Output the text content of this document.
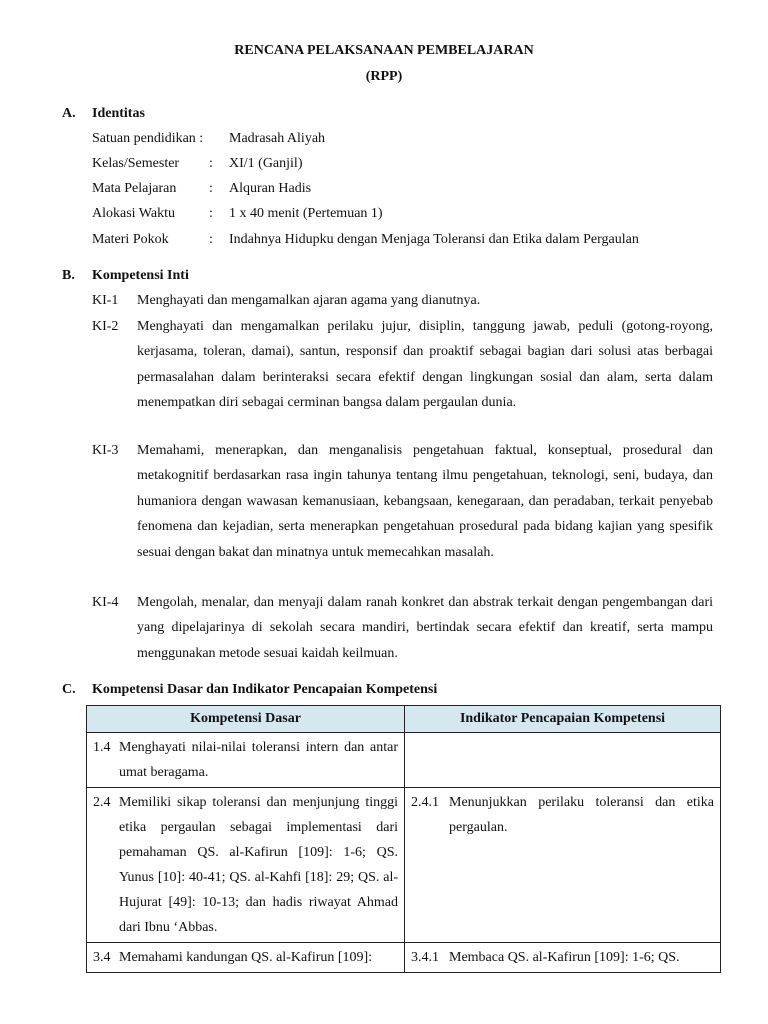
RENCANA PELAKSANAAN PEMBELAJARAN
(RPP)
A. Identitas
Satuan pendidikan : Madrasah Aliyah
Kelas/Semester : XI/1 (Ganjil)
Mata Pelajaran : Alquran Hadis
Alokasi Waktu : 1 x 40 menit (Pertemuan 1)
Materi Pokok	: Indahnya Hidupku dengan Menjaga Toleransi dan Etika dalam Pergaulan
B. Kompetensi Inti
KI-1 Menghayati dan mengamalkan ajaran agama yang dianutnya.
KI-2 Menghayati dan mengamalkan perilaku jujur, disiplin, tanggung jawab, peduli (gotong-royong, kerjasama, toleran, damai), santun, responsif dan proaktif sebagai bagian dari solusi atas berbagai permasalahan dalam berinteraksi secara efektif dengan lingkungan sosial dan alam, serta dalam menempatkan diri sebagai cerminan bangsa dalam pergaulan dunia.
KI-3 Memahami, menerapkan, dan menganalisis pengetahuan faktual, konseptual, prosedural dan metakognitif berdasarkan rasa ingin tahunya tentang ilmu pengetahuan, teknologi, seni, budaya, dan humaniora dengan wawasan kemanusiaan, kebangsaan, kenegaraan, dan peradaban, terkait penyebab fenomena dan kejadian, serta menerapkan pengetahuan prosedural pada bidang kajian yang spesifik sesuai dengan bakat dan minatnya untuk memecahkan masalah.
KI-4 Mengolah, menalar, dan menyaji dalam ranah konkret dan abstrak terkait dengan pengembangan dari yang dipelajarinya di sekolah secara mandiri, bertindak secara efektif dan kreatif, serta mampu menggunakan metode sesuai kaidah keilmuan.
C. Kompetensi Dasar dan Indikator Pencapaian Kompetensi
Kompetensi Dasar	Indikator Pencapaian Kompetensi

1.4 Menghayati nilai-nilai toleransi intern dan antar umat beragama.	

2.4 Memiliki sikap toleransi dan menjunjung tinggi etika pergaulan sebagai implementasi dari pemahaman QS. al-Kafirun [109]: 1-6; QS. Yunus [10]: 40-41; QS. al-Kahfi [18]: 29; QS. al-Hujurat [49]: 10-13; dan hadis riwayat Ahmad dari Ibnu ‘Abbas.	2.4.1 Menunjukkan perilaku toleransi dan etika pergaulan.

3.4 Memahami kandungan QS. al-Kafirun [109]:	3.4.1 Membaca QS. al-Kafirun [109]: 1-6; QS.
